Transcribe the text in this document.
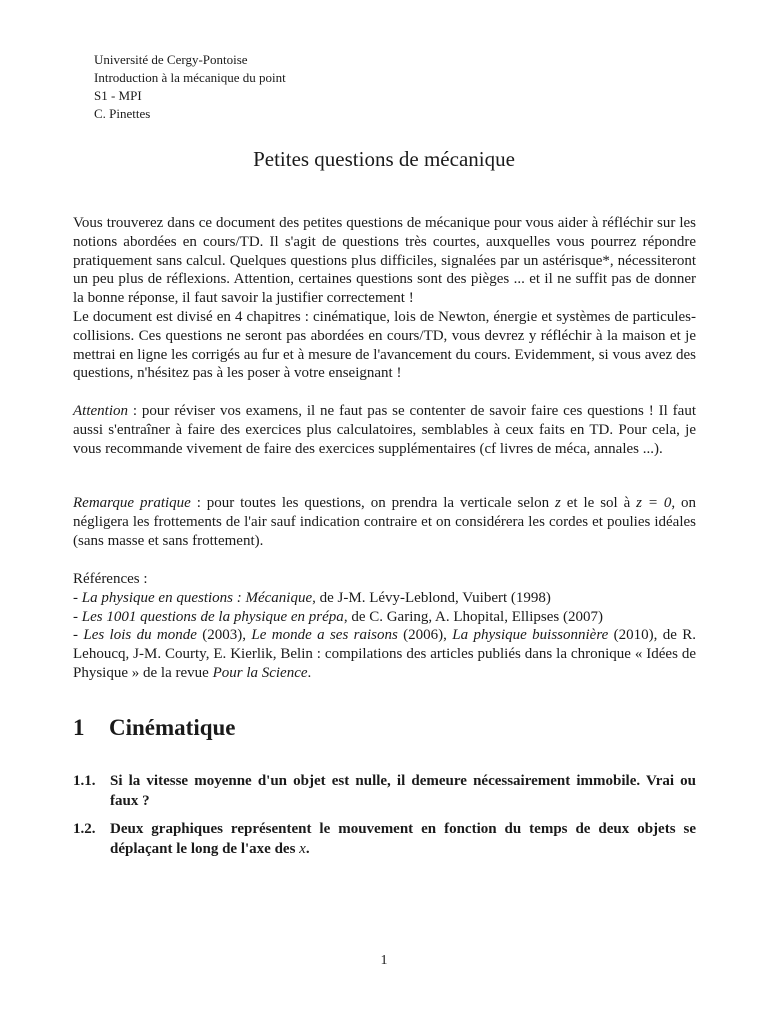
Université de Cergy-Pontoise
Introduction à la mécanique du point
S1 - MPI
C. Pinettes
Petites questions de mécanique

Vous trouverez dans ce document des petites questions de mécanique pour vous aider à réfléchir sur les notions abordées en cours/TD. Il s'agit de questions très courtes, auxquelles vous pourrez répondre pratiquement sans calcul. Quelques questions plus difficiles, signalées par un astérisque*, nécessiteront un peu plus de réflexions. Attention, certaines questions sont des pièges ... et il ne suffit pas de donner la bonne réponse, il faut savoir la justifier correctement !

Le document est divisé en 4 chapitres : cinématique, lois de Newton, énergie et systèmes de particules-collisions. Ces questions ne seront pas abordées en cours/TD, vous devrez y réfléchir à la maison et je mettrai en ligne les corrigés au fur et à mesure de l'avancement du cours. Evidemment, si vous avez des questions, n'hésitez pas à les poser à votre enseignant !

Attention : pour réviser vos examens, il ne faut pas se contenter de savoir faire ces questions ! Il faut aussi s'entraîner à faire des exercices plus calculatoires, semblables à ceux faits en TD. Pour cela, je vous recommande vivement de faire des exercices supplémentaires (cf livres de méca, annales ...).

Remarque pratique : pour toutes les questions, on prendra la verticale selon z et le sol à z = 0, on négligera les frottements de l'air sauf indication contraire et on considérera les cordes et poulies idéales (sans masse et sans frottement).

Références :
- La physique en questions : Mécanique, de J-M. Lévy-Leblond, Vuibert (1998)
- Les 1001 questions de la physique en prépa, de C. Garing, A. Lhopital, Ellipses (2007)
- Les lois du monde (2003), Le monde a ses raisons (2006), La physique buissonnière (2010), de R. Lehoucq, J-M. Courty, E. Kierlik, Belin : compilations des articles publiés dans la chronique « Idées de Physique » de la revue Pour la Science.
1 Cinématique
1.1. Si la vitesse moyenne d'un objet est nulle, il demeure nécessairement immobile. Vrai ou faux ?
1.2. Deux graphiques représentent le mouvement en fonction du temps de deux objets se déplaçant le long de l'axe des x.
1
